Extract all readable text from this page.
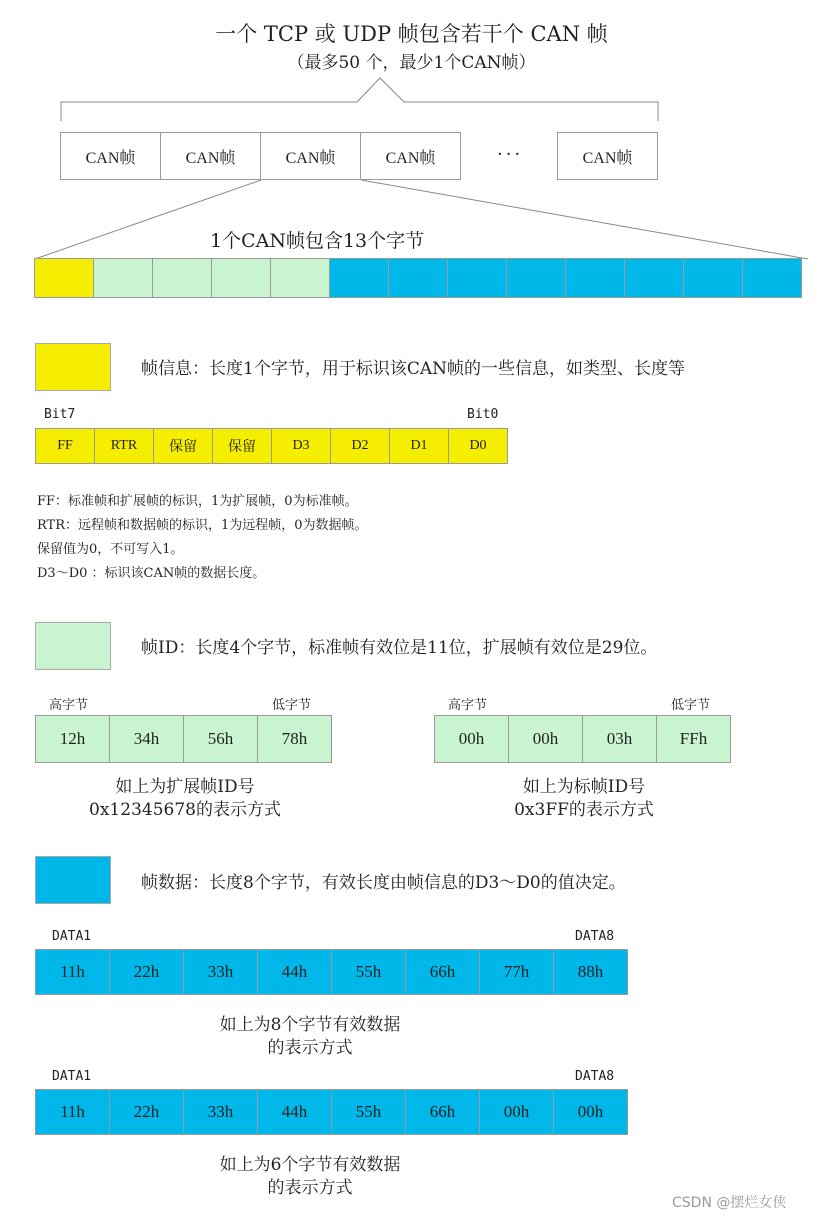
一个 TCP 或 UDP 帧包含若干个 CAN 帧
（最多50 个，最少1个CAN帧）
CAN帧	CAN帧	CAN帧	CAN帧	···	CAN帧
1个CAN帧包含13个字节
帧信息：长度1个字节，用于标识该CAN帧的一些信息，如类型、长度等
Bit7	Bit0
FF	RTR	保留	保留	D3	D2	D1	D0
FF：标准帧和扩展帧的标识，1为扩展帧，0为标准帧。
RTR：远程帧和数据帧的标识，1为远程帧，0为数据帧。
保留值为0，不可写入1。
D3～D0 ：标识该CAN帧的数据长度。
帧ID：长度4个字节，标准帧有效位是11位，扩展帧有效位是29位。
高字节	低字节
12h	34h	56h	78h
如上为扩展帧ID号
0x12345678的表示方式
高字节	低字节
00h	00h	03h	FFh
如上为标帧ID号
0x3FF的表示方式
帧数据：长度8个字节，有效长度由帧信息的D3～D0的值决定。
DATA1	DATA8
11h	22h	33h	44h	55h	66h	77h	88h
如上为8个字节有效数据
的表示方式
DATA1	DATA8
11h	22h	33h	44h	55h	66h	00h	00h
如上为6个字节有效数据
的表示方式
CSDN @摆烂女侠
